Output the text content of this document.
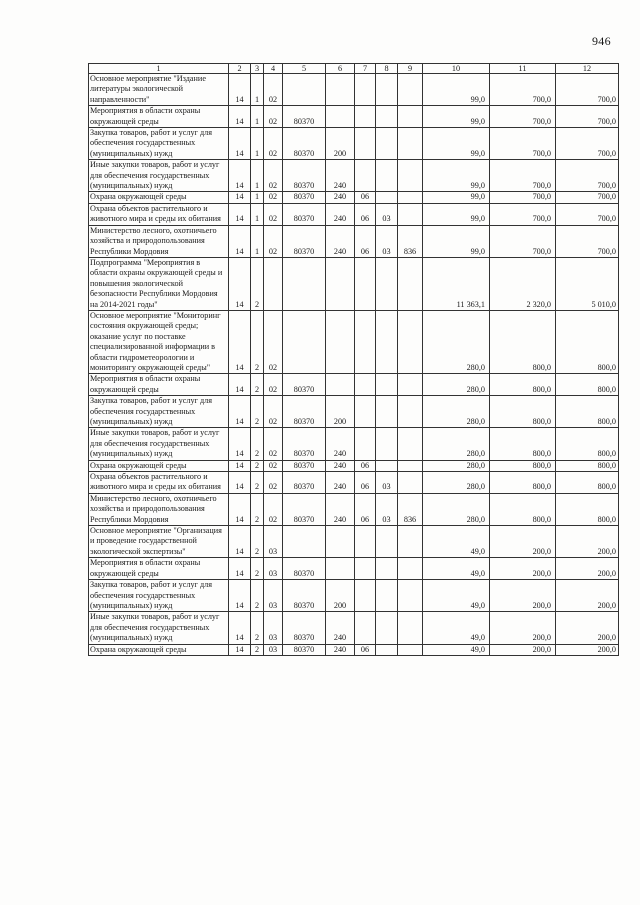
946
1	2	3	4	5	6	7	8	9	10	11	12
Основное мероприятие "Издание литературы экологической направленности"	14	1	02						99,0	700,0	700,0
Мероприятия в области охраны окружающей среды	14	1	02	80370					99,0	700,0	700,0
Закупка товаров, работ и услуг для обеспечения государственных (муниципальных) нужд	14	1	02	80370	200				99,0	700,0	700,0
Иные закупки товаров, работ и услуг для обеспечения государственных (муниципальных) нужд	14	1	02	80370	240				99,0	700,0	700,0
Охрана окружающей среды	14	1	02	80370	240	06			99,0	700,0	700,0
Охрана объектов растительного и животного мира и среды их обитания	14	1	02	80370	240	06	03		99,0	700,0	700,0
Министерство лесного, охотничьего хозяйства и природопользования Республики Мордовия	14	1	02	80370	240	06	03	836	99,0	700,0	700,0
Подпрограмма "Мероприятия в области охраны окружающей среды и повышения экологической безопасности Республики Мордовия на 2014-2021 годы"	14	2							11 363,1	2 320,0	5 010,0
Основное мероприятие "Мониторинг состояния окружающей среды; оказание услуг по поставке специализированной информации в области гидрометеорологии и мониторингу окружающей среды"	14	2	02						280,0	800,0	800,0
Мероприятия в области охраны окружающей среды	14	2	02	80370					280,0	800,0	800,0
Закупка товаров, работ и услуг для обеспечения государственных (муниципальных) нужд	14	2	02	80370	200				280,0	800,0	800,0
Иные закупки товаров, работ и услуг для обеспечения государственных (муниципальных) нужд	14	2	02	80370	240				280,0	800,0	800,0
Охрана окружающей среды	14	2	02	80370	240	06			280,0	800,0	800,0
Охрана объектов растительного и животного мира и среды их обитания	14	2	02	80370	240	06	03		280,0	800,0	800,0
Министерство лесного, охотничьего хозяйства и природопользования Республики Мордовия	14	2	02	80370	240	06	03	836	280,0	800,0	800,0
Основное мероприятие "Организация и проведение государственной экологической экспертизы"	14	2	03						49,0	200,0	200,0
Мероприятия в области охраны окружающей среды	14	2	03	80370					49,0	200,0	200,0
Закупка товаров, работ и услуг для обеспечения государственных (муниципальных) нужд	14	2	03	80370	200				49,0	200,0	200,0
Иные закупки товаров, работ и услуг для обеспечения государственных (муниципальных) нужд	14	2	03	80370	240				49,0	200,0	200,0
Охрана окружающей среды	14	2	03	80370	240	06			49,0	200,0	200,0
